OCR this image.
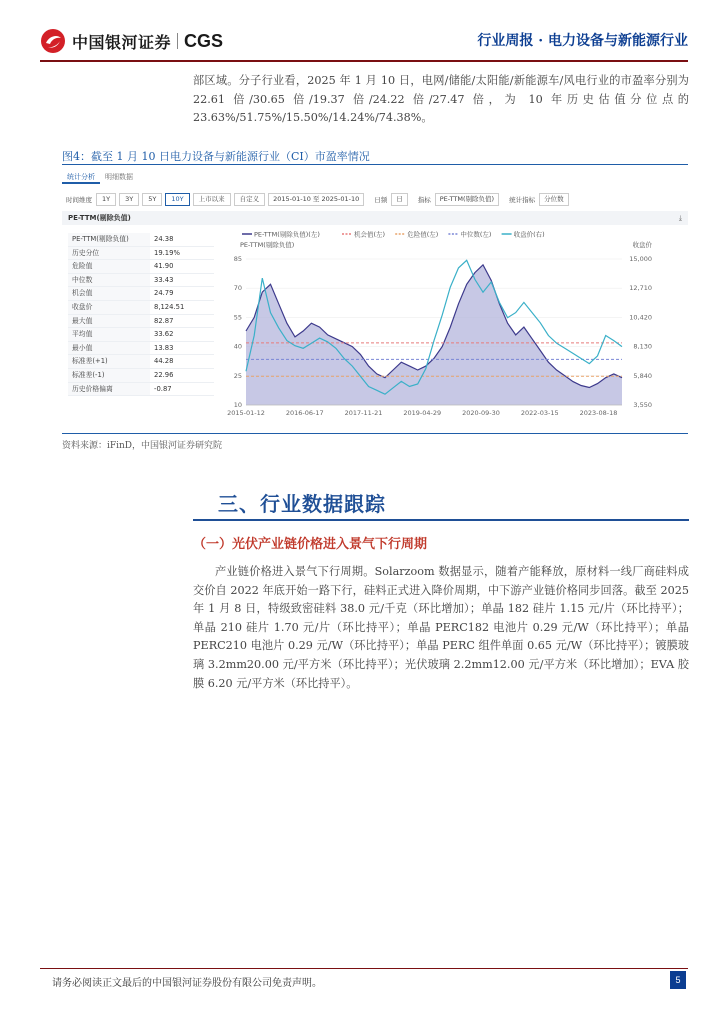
中国银河证券 CGS	行业周报 · 电力设备与新能源行业

部区域。分子行业看，2025 年 1 月 10 日，电网/储能/太阳能/新能源车/风电行业的市盈率分别为 22.61 倍/30.65 倍/19.37 倍/24.22 倍/27.47 倍，为 10 年历史估值分位点的 23.63%/51.75%/15.50%/14.24%/74.38%。

图4：截至 1 月 10 日电力设备与新能源行业（CI）市盈率情况
统计分析	明细数据
时间维度	1Y	3Y	5Y	10Y	上市以来	自定义	2015-01-10 至 2025-01-10	日频	日	指标	PE-TTM(剔除负值)	统计指标	分位数
PE-TTM(剔除负值)	⤓
PE-TTM(剔除负值)	24.38
历史分位	19.19%
危险值	41.90
中位数	33.43
机会值	24.79
收盘价	8,124.51
最大值	82.87
平均值	33.62
最小值	13.83
标准差(+1)	44.28
标准差(-1)	22.96
历史价格偏离	-0.87
PE-TTM(剔除负值)(左)	机会值(左)	危险值(左)	中位数(左)	收盘价(右)
PE-TTM(剔除负值)	收盘价
85
70
55
40
25
10
15,000
12,710
10,420
8,130
5,840
3,550
2015-01-12	2016-06-17	2017-11-21	2019-04-29	2020-09-30	2022-03-15	2023-08-18
资料来源：iFinD，中国银河证券研究院
三、行业数据跟踪
（一）光伏产业链价格进入景气下行周期

产业链价格进入景气下行周期。Solarzoom 数据显示，随着产能释放，原材料一线厂商硅料成交价自 2022 年底开始一路下行，硅料正式进入降价周期，中下游产业链价格同步回落。截至 2025 年 1 月 8 日，特级致密硅料 38.0 元/千克（环比增加）；单晶 182 硅片 1.15 元/片（环比持平）；单晶 210 硅片 1.70 元/片（环比持平）；单晶 PERC182 电池片 0.29 元/W（环比持平）；单晶 PERC210 电池片 0.29 元/W（环比持平）；单晶 PERC 组件单面 0.65 元/W（环比持平）；镀膜玻璃 3.2mm20.00 元/平方米（环比持平）；光伏玻璃 2.2mm12.00 元/平方米（环比增加）；EVA 胶膜 6.20 元/平方米（环比持平）。

请务必阅读正文最后的中国银河证券股份有限公司免责声明。	5
